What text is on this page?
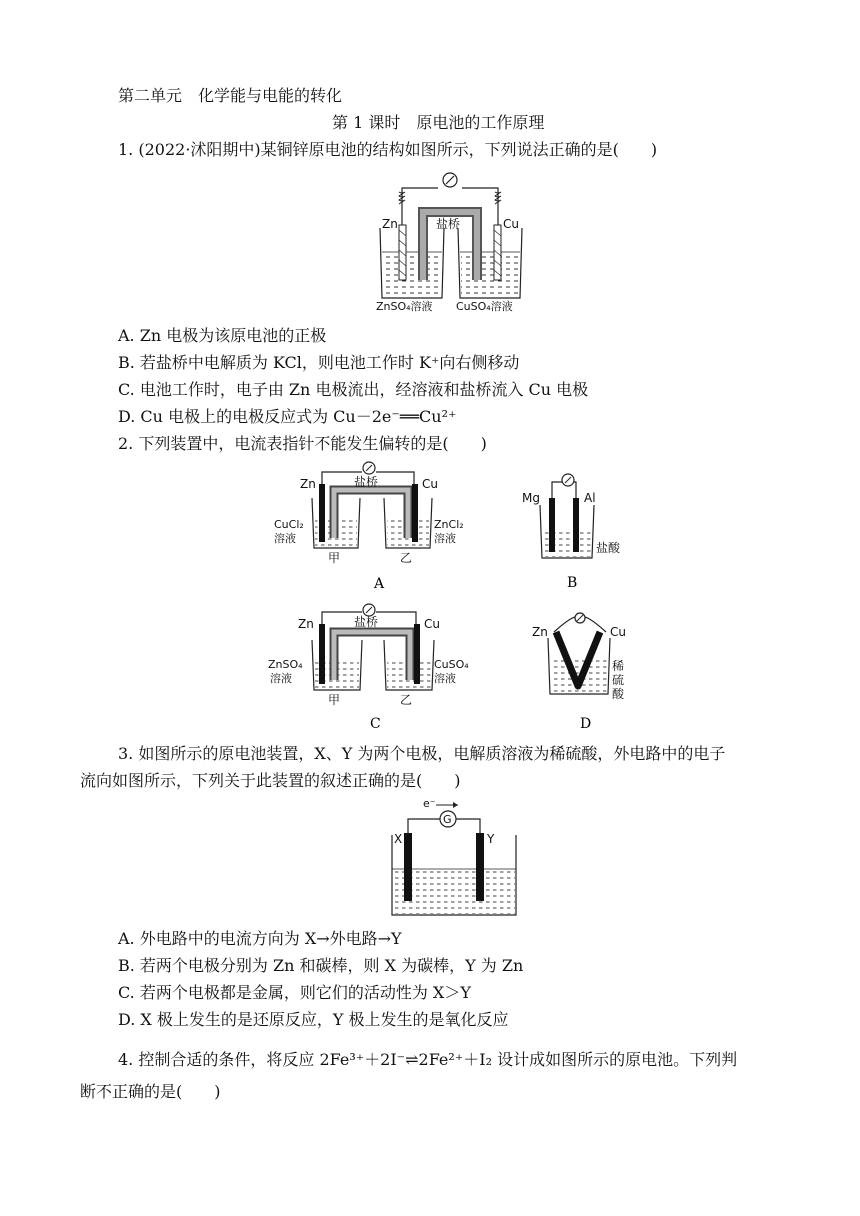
第二单元　化学能与电能的转化
第 1 课时　原电池的工作原理
1. (2022·沭阳期中)某铜锌原电池的结构如图所示，下列说法正确的是(　　)
Zn	Cu
盐桥
ZnSO₄溶液 CuSO₄溶液
A. Zn 电极为该原电池的正极
B. 若盐桥中电解质为 KCl，则电池工作时 K⁺向右侧移动
C. 电池工作时，电子由 Zn 电极流出，经溶液和盐桥流入 Cu 电极
D. Cu 电极上的电极反应式为 Cu－2e⁻══Cu²⁺
2. 下列装置中，电流表指针不能发生偏转的是(　　)
Zn	Cu
盐桥
CuCl₂
溶液
ZnCl₂
溶液
甲	乙
A
Mg	Al
盐酸
B
Zn	Cu
盐桥
ZnSO₄
溶液
CuSO₄
溶液
甲	乙
C
Zn	Cu
稀
硫
酸
D
3. 如图所示的原电池装置，X、Y 为两个电极，电解质溶液为稀硫酸，外电路中的电子
流向如图所示，下列关于此装置的叙述正确的是(　　)
e⁻
G
X	Y
A. 外电路中的电流方向为 X→外电路→Y
B. 若两个电极分别为 Zn 和碳棒，则 X 为碳棒，Y 为 Zn
C. 若两个电极都是金属，则它们的活动性为 X＞Y
D. X 极上发生的是还原反应，Y 极上发生的是氧化反应
4. 控制合适的条件，将反应 2Fe³⁺＋2I⁻⇌2Fe²⁺＋I₂ 设计成如图所示的原电池。下列判
断不正确的是(　　)
